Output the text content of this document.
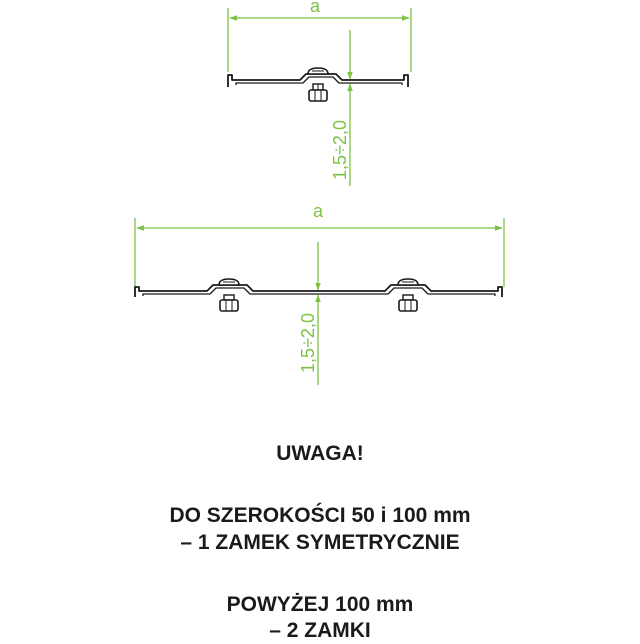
a
1,5÷2,0
a
1,5÷2,0
UWAGA!
DO SZEROKOŚCI 50 i 100 mm
– 1 ZAMEK SYMETRYCZNIE
POWYŻEJ 100 mm
– 2 ZAMKI
